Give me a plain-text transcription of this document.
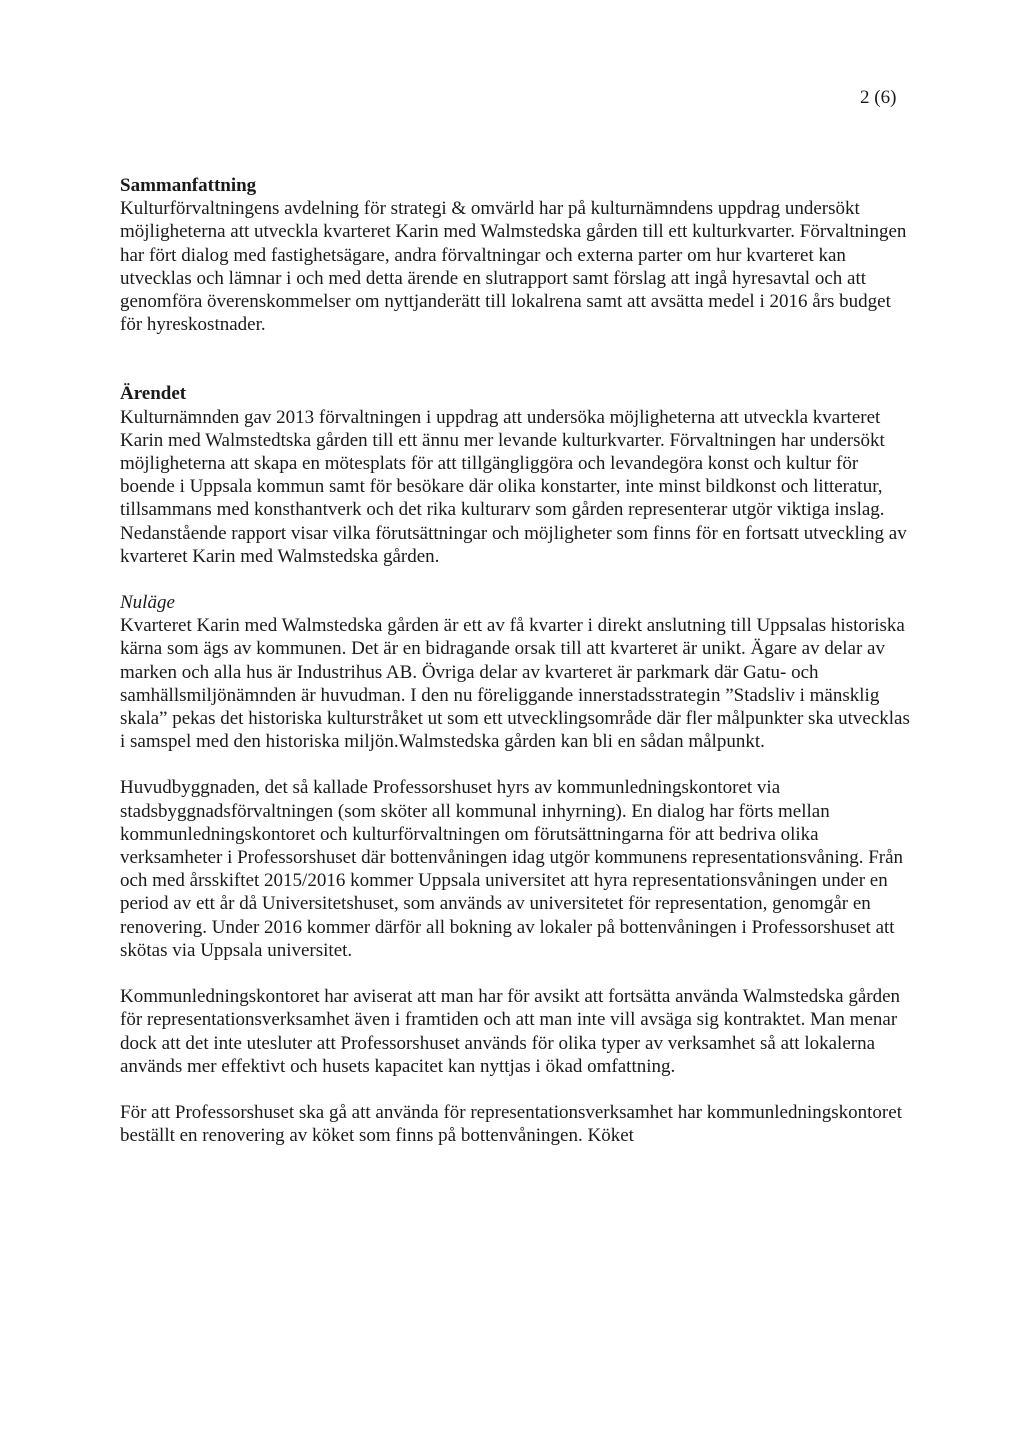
2 (6)

Sammanfattning

Kulturförvaltningens avdelning för strategi & omvärld har på kulturnämndens uppdrag undersökt möjligheterna att utveckla kvarteret Karin med Walmstedska gården till ett kulturkvarter. Förvaltningen har fört dialog med fastighetsägare, andra förvaltningar och externa parter om hur kvarteret kan utvecklas och lämnar i och med detta ärende en slutrapport samt förslag att ingå hyresavtal och att genomföra överenskommelser om nyttjanderätt till lokalrena samt att avsätta medel i 2016 års budget för hyreskostnader.

Ärendet

Kulturnämnden gav 2013 förvaltningen i uppdrag att undersöka möjligheterna att utveckla kvarteret Karin med Walmstedtska gården till ett ännu mer levande kulturkvarter. Förvaltningen har undersökt möjligheterna att skapa en mötesplats för att tillgängliggöra och levandegöra konst och kultur för boende i Uppsala kommun samt för besökare där olika konstarter, inte minst bildkonst och litteratur, tillsammans med konsthantverk och det rika kulturarv som gården representerar utgör viktiga inslag. Nedanstående rapport visar vilka förutsättningar och möjligheter som finns för en fortsatt utveckling av kvarteret Karin med Walmstedska gården.

Nuläge

Kvarteret Karin med Walmstedska gården är ett av få kvarter i direkt anslutning till Uppsalas historiska kärna som ägs av kommunen. Det är en bidragande orsak till att kvarteret är unikt. Ägare av delar av marken och alla hus är Industrihus AB. Övriga delar av kvarteret är parkmark där Gatu- och samhällsmiljönämnden är huvudman. I den nu föreliggande innerstadsstrategin ”Stadsliv i mänsklig skala” pekas det historiska kulturstråket ut som ett utvecklingsområde där fler målpunkter ska utvecklas i samspel med den historiska miljön.Walmstedska gården kan bli en sådan målpunkt.

Huvudbyggnaden, det så kallade Professorshuset hyrs av kommunledningskontoret via stadsbyggnadsförvaltningen (som sköter all kommunal inhyrning). En dialog har förts mellan kommunledningskontoret och kulturförvaltningen om förutsättningarna för att bedriva olika verksamheter i Professorshuset där bottenvåningen idag utgör kommunens representationsvåning. Från och med årsskiftet 2015/2016 kommer Uppsala universitet att hyra representationsvåningen under en period av ett år då Universitetshuset, som används av universitetet för representation, genomgår en renovering. Under 2016 kommer därför all bokning av lokaler på bottenvåningen i Professorshuset att skötas via Uppsala universitet.

Kommunledningskontoret har aviserat att man har för avsikt att fortsätta använda Walmstedska gården för representationsverksamhet även i framtiden och att man inte vill avsäga sig kontraktet. Man menar dock att det inte utesluter att Professorshuset används för olika typer av verksamhet så att lokalerna används mer effektivt och husets kapacitet kan nyttjas i ökad omfattning.

För att Professorshuset ska gå att använda för representationsverksamhet har kommunledningskontoret beställt en renovering av köket som finns på bottenvåningen. Köket
